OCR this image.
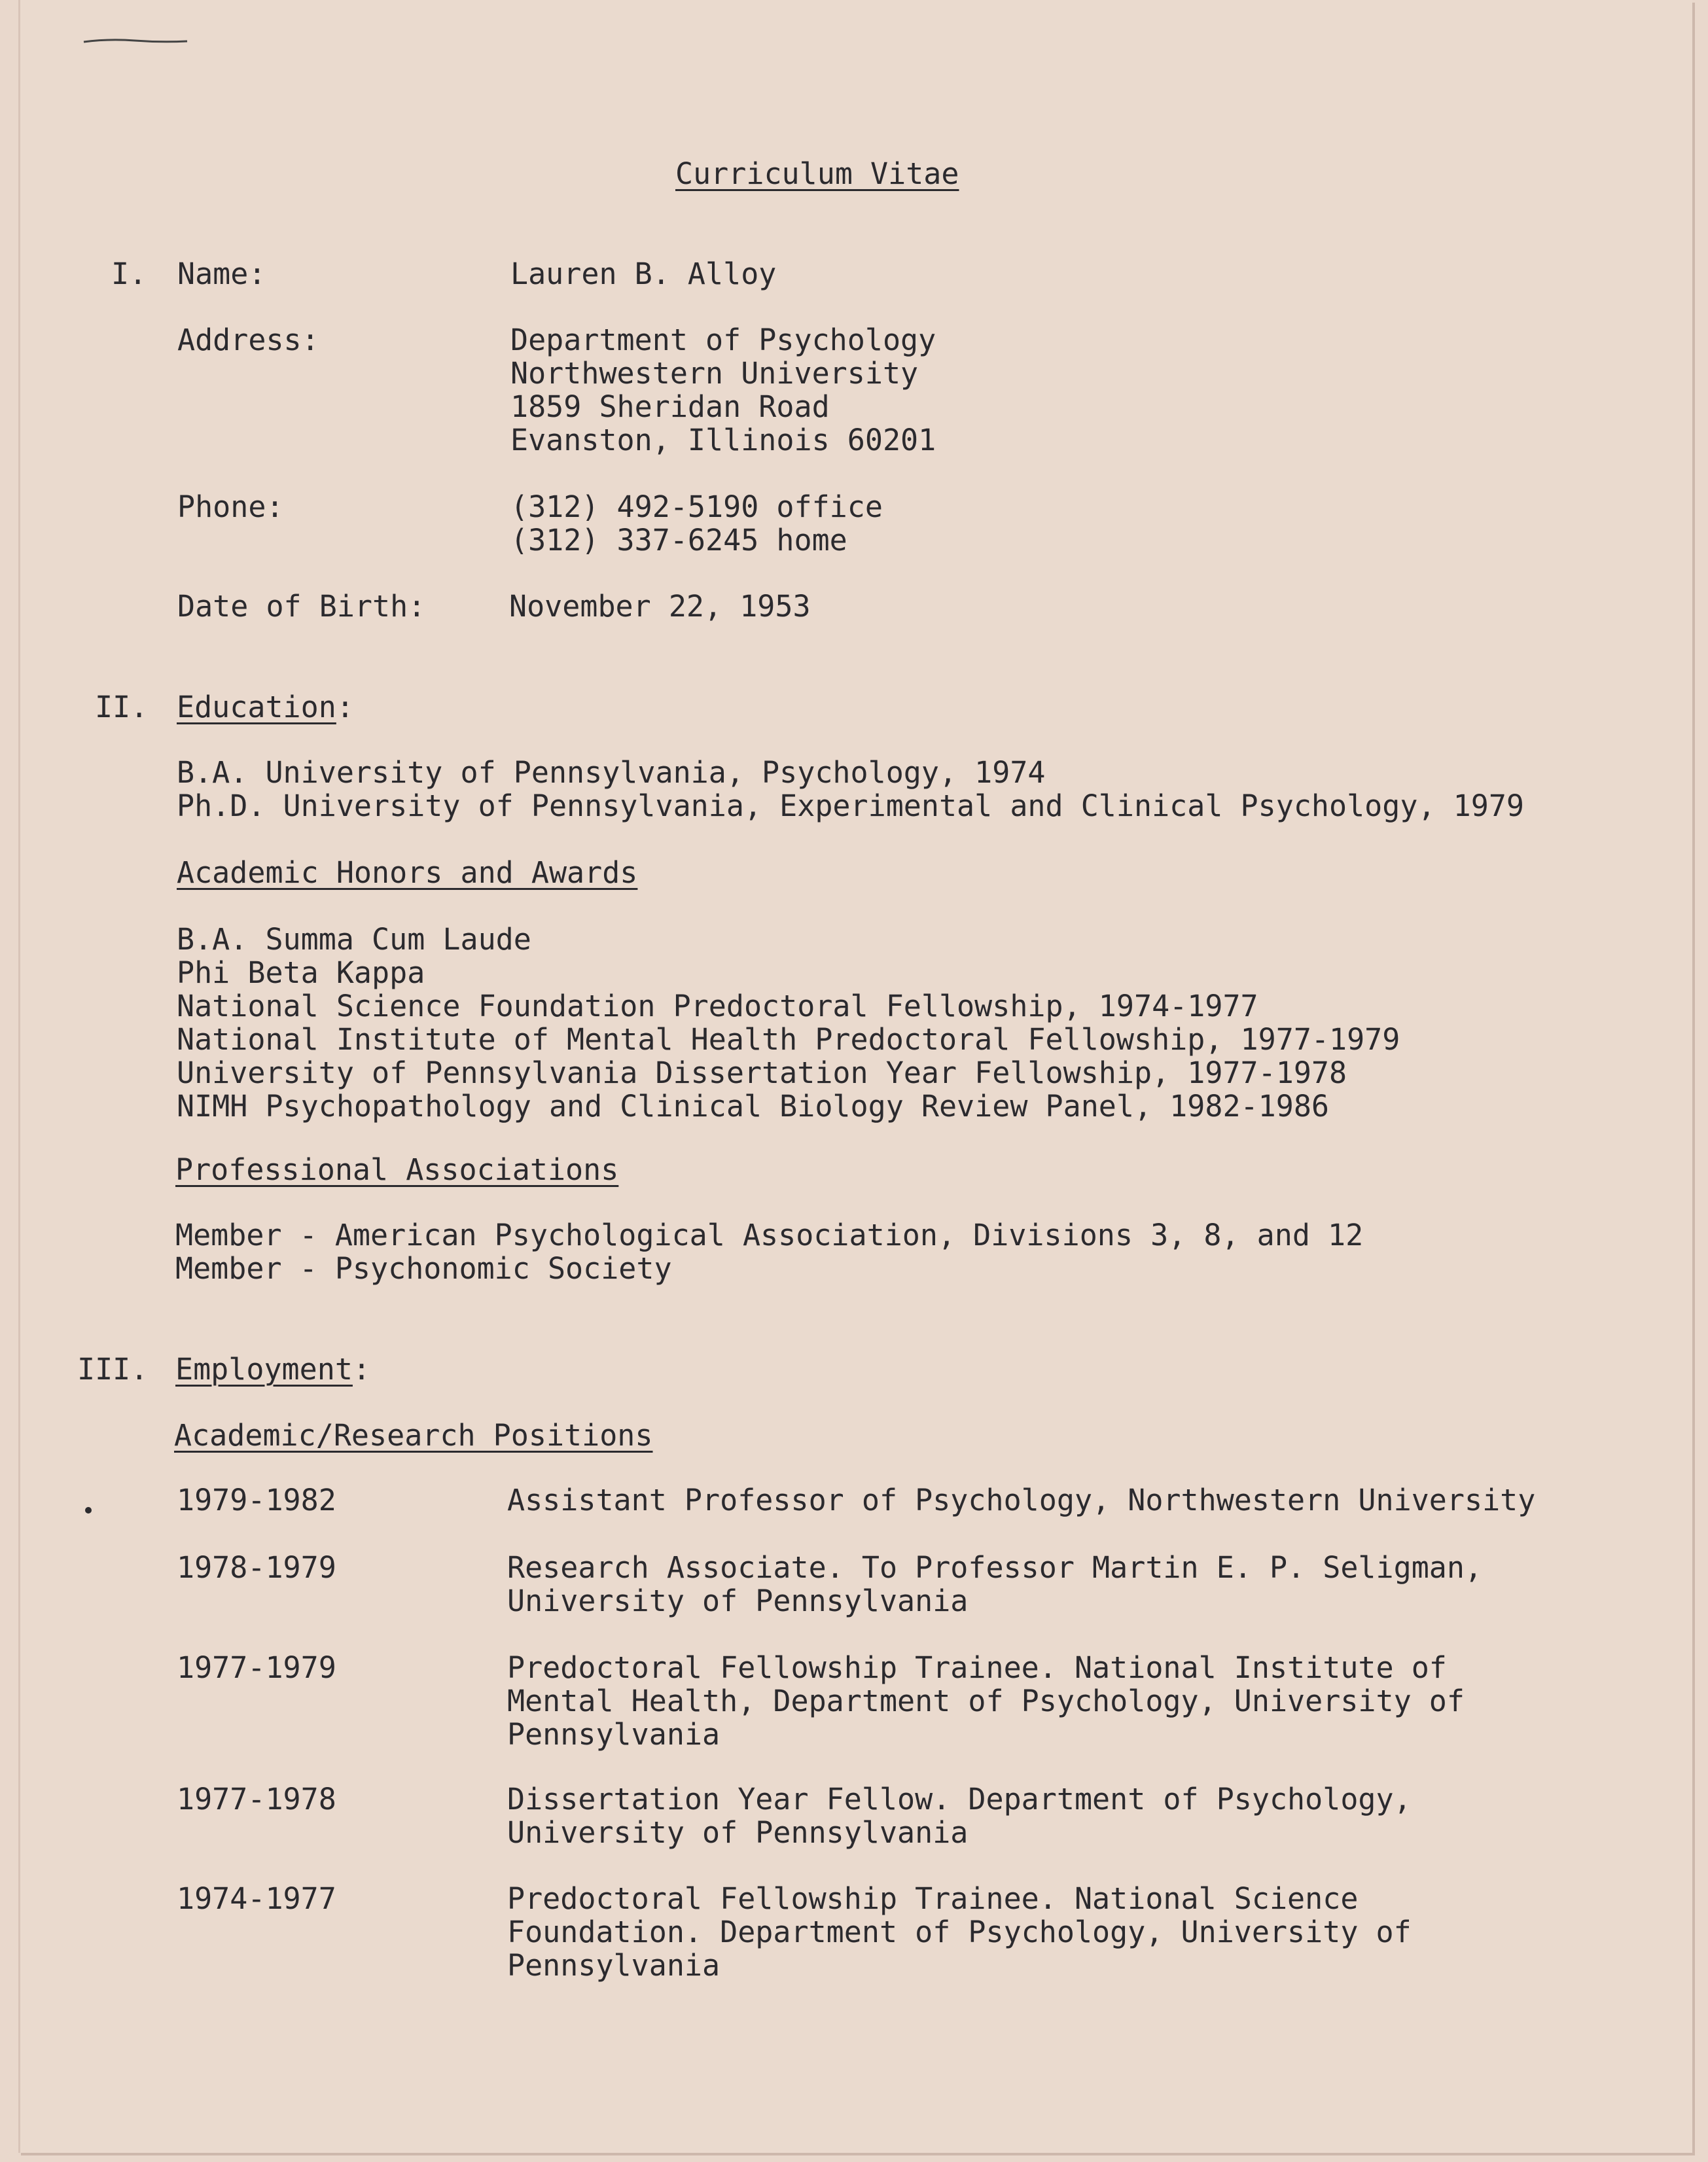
Curriculum Vitae
I. Name:	Lauren B. Alloy
Address:	Department of Psychology
Northwestern University
1859 Sheridan Road
Evanston, Illinois 60201
Phone:	(312) 492-5190 office
(312) 337-6245 home
Date of Birth:	November 22, 1953
II. Education:
B.A. University of Pennsylvania, Psychology, 1974
Ph.D. University of Pennsylvania, Experimental and Clinical Psychology, 1979
Academic Honors and Awards
B.A. Summa Cum Laude
Phi Beta Kappa
National Science Foundation Predoctoral Fellowship, 1974-1977
National Institute of Mental Health Predoctoral Fellowship, 1977-1979
University of Pennsylvania Dissertation Year Fellowship, 1977-1978
NIMH Psychopathology and Clinical Biology Review Panel, 1982-1986
Professional Associations
Member - American Psychological Association, Divisions 3, 8, and 12
Member - Psychonomic Society
III. Employment:
Academic/Research Positions
1979-1982	Assistant Professor of Psychology, Northwestern University
1978-1979	Research Associate. To Professor Martin E. P. Seligman,
University of Pennsylvania
1977-1979	Predoctoral Fellowship Trainee. National Institute of
Mental Health, Department of Psychology, University of
Pennsylvania
1977-1978	Dissertation Year Fellow. Department of Psychology,
University of Pennsylvania
1974-1977	Predoctoral Fellowship Trainee. National Science
Foundation. Department of Psychology, University of
Pennsylvania
